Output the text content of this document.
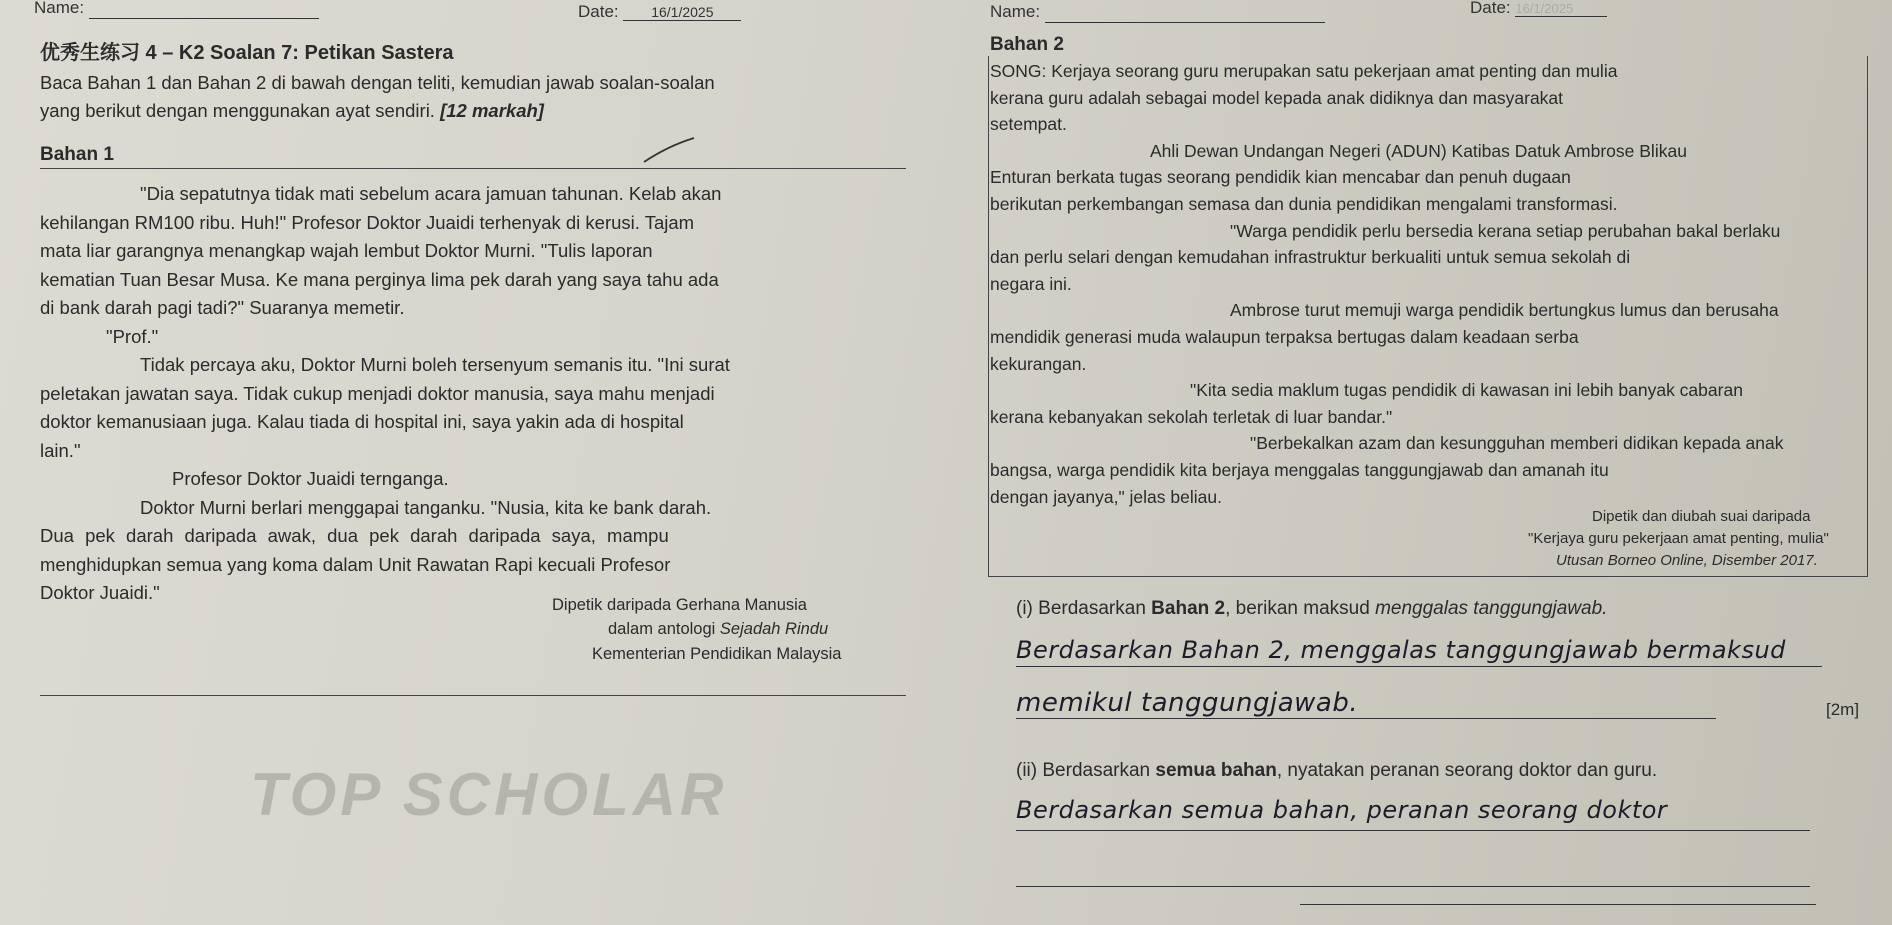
Name:	Date: 16/1/2025	Name:	Date: 16/1/2025
优秀生练习 4 – K2 Soalan 7: Petikan Sastera
Baca Bahan 1 dan Bahan 2 di bawah dengan teliti, kemudian jawab soalan-soalan
yang berikut dengan menggunakan ayat sendiri. [12 markah]
Bahan 1
"Dia sepatutnya tidak mati sebelum acara jamuan tahunan. Kelab akan
kehilangan RM100 ribu. Huh!" Profesor Doktor Juaidi terhenyak di kerusi. Tajam
mata liar garangnya menangkap wajah lembut Doktor Murni. "Tulis laporan
kematian Tuan Besar Musa. Ke mana perginya lima pek darah yang saya tahu ada
di bank darah pagi tadi?" Suaranya memetir.
"Prof."
Tidak percaya aku, Doktor Murni boleh tersenyum semanis itu. "Ini surat
peletakan jawatan saya. Tidak cukup menjadi doktor manusia, saya mahu menjadi
doktor kemanusiaan juga. Kalau tiada di hospital ini, saya yakin ada di hospital
lain."
Profesor Doktor Juaidi ternganga.
Doktor Murni berlari menggapai tanganku. "Nusia, kita ke bank darah.
Dua pek darah daripada awak, dua pek darah daripada saya, mampu
menghidupkan semua yang koma dalam Unit Rawatan Rapi kecuali Profesor
Doktor Juaidi."
Dipetik daripada Gerhana Manusia
dalam antologi Sejadah Rindu
Kementerian Pendidikan Malaysia
TOP SCHOLAR
Bahan 2
SONG: Kerjaya seorang guru merupakan satu pekerjaan amat penting dan mulia
kerana guru adalah sebagai model kepada anak didiknya dan masyarakat
setempat.
Ahli Dewan Undangan Negeri (ADUN) Katibas Datuk Ambrose Blikau
Enturan berkata tugas seorang pendidik kian mencabar dan penuh dugaan
berikutan perkembangan semasa dan dunia pendidikan mengalami transformasi.
"Warga pendidik perlu bersedia kerana setiap perubahan bakal berlaku
dan perlu selari dengan kemudahan infrastruktur berkualiti untuk semua sekolah di
negara ini.
Ambrose turut memuji warga pendidik bertungkus lumus dan berusaha
mendidik generasi muda walaupun terpaksa bertugas dalam keadaan serba
kekurangan.
"Kita sedia maklum tugas pendidik di kawasan ini lebih banyak cabaran
kerana kebanyakan sekolah terletak di luar bandar."
"Berbekalkan azam dan kesungguhan memberi didikan kepada anak
bangsa, warga pendidik kita berjaya menggalas tanggungjawab dan amanah itu
dengan jayanya," jelas beliau.
Dipetik dan diubah suai daripada
"Kerjaya guru pekerjaan amat penting, mulia"
Utusan Borneo Online, Disember 2017.
(i) Berdasarkan Bahan 2, berikan maksud menggalas tanggungjawab.
Berdasarkan Bahan 2, menggalas tanggungjawab bermaksud
memikul tanggungjawab.	[2m]
(ii) Berdasarkan semua bahan, nyatakan peranan seorang doktor dan guru.
Berdasarkan semua bahan, peranan seorang doktor
